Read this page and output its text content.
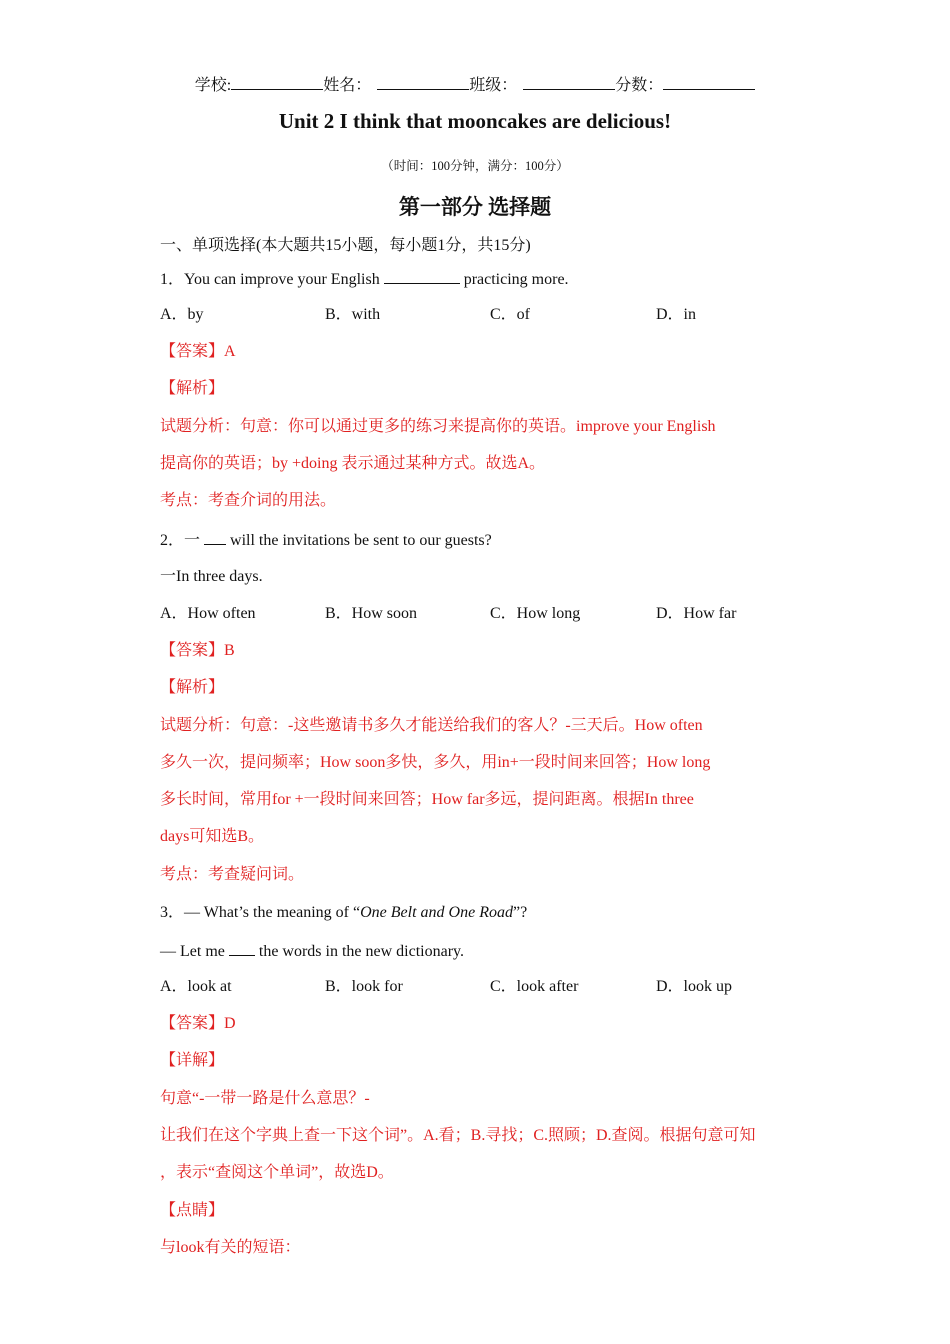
学校:	姓名：	班级：	分数：
Unit 2 I think that mooncakes are delicious!
（时间：100分钟，满分：100分）
第一部分 选择题
一、单项选择(本大题共15小题，每小题1分，共15分)
1．You can improve your English	practicing more.
A．by	B．with	C．of	D．in
【答案】A
【解析】
试题分析：句意：你可以通过更多的练习来提高你的英语。improve your English
提高你的英语；by +doing 表示通过某种方式。故选A。
考点：考查介词的用法。
2．一  will the invitations be sent to our guests?
一In three days.
A．How often	B．How soon	C．How long	D．How far
【答案】B
【解析】
试题分析：句意：-这些邀请书多久才能送给我们的客人？-三天后。How often
多久一次，提问频率；How soon多快，多久，用in+一段时间来回答；How long
多长时间，常用for +一段时间来回答；How far多远，提问距离。根据In three
days可知选B。
考点：考查疑问词。
3．— What’s the meaning of “One Belt and One Road”?
— Let me  the words in the new dictionary.
A．look at	B．look for	C．look after	D．look up
【答案】D
【详解】
句意“-一带一路是什么意思？-
让我们在这个字典上查一下这个词”。A.看；B.寻找；C.照顾；D.查阅。根据句意可知
，表示“查阅这个单词”，故选D。
【点睛】
与look有关的短语：
